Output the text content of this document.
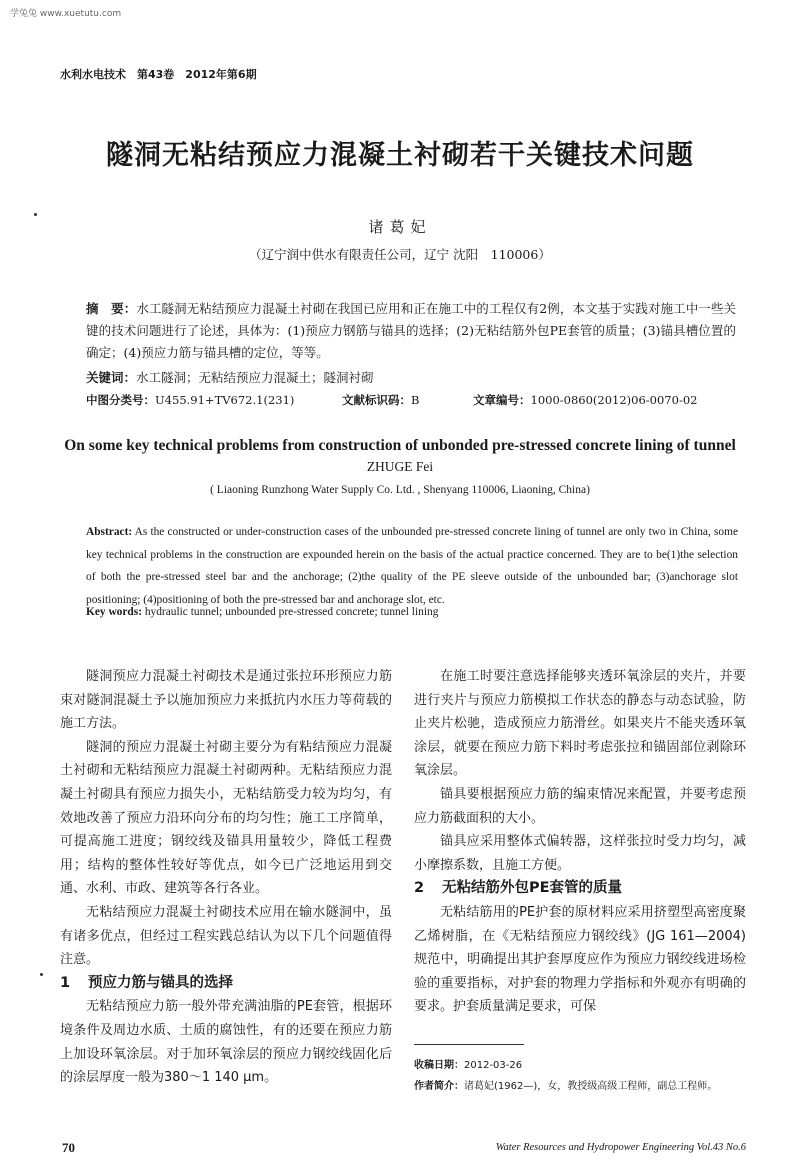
学兔兔 www.xuetutu.com
水利水电技术　第43卷　2012年第6期
隧洞无粘结预应力混凝土衬砌若干关键技术问题
诸葛妃
（辽宁润中供水有限责任公司，辽宁 沈阳　110006）
摘　要：水工隧洞无粘结预应力混凝土衬砌在我国已应用和正在施工中的工程仅有2例，本文基于实践对施工中一些关键的技术问题进行了论述，具体为：(1)预应力钢筋与锚具的选择；(2)无粘结筋外包PE套管的质量；(3)锚具槽位置的确定；(4)预应力筋与锚具槽的定位，等等。
关键词：水工隧洞；无粘结预应力混凝土；隧洞衬砌
中图分类号：U455.91+TV672.1(231)	文献标识码：B	文章编号：1000-0860(2012)06-0070-02
On some key technical problems from construction of unbonded pre-stressed concrete lining of tunnel
ZHUGE Fei
( Liaoning Runzhong Water Supply Co. Ltd. , Shenyang 110006, Liaoning, China)
Abstract: As the constructed or under-construction cases of the unbounded pre-stressed concrete lining of tunnel are only two in China, some key technical problems in the construction are expounded herein on the basis of the actual practice concerned. They are to be(1)the selection of both the pre-stressed steel bar and the anchorage; (2)the quality of the PE sleeve outside of the unbounded bar; (3)anchorage slot positioning; (4)positioning of both the pre-stressed bar and anchorage slot, etc.
Key words: hydraulic tunnel; unbounded pre-stressed concrete; tunnel lining

隧洞预应力混凝土衬砌技术是通过张拉环形预应力筋束对隧洞混凝土予以施加预应力来抵抗内水压力等荷载的施工方法。

隧洞的预应力混凝土衬砌主要分为有粘结预应力混凝土衬砌和无粘结预应力混凝土衬砌两种。无粘结预应力混凝土衬砌具有预应力损失小，无粘结筋受力较为均匀，有效地改善了预应力沿环向分布的均匀性；施工工序简单，可提高施工进度；钢绞线及锚具用量较少，降低工程费用；结构的整体性较好等优点，如今已广泛地运用到交通、水利、市政、建筑等各行各业。

无粘结预应力混凝土衬砌技术应用在输水隧洞中，虽有诸多优点，但经过工程实践总结认为以下几个问题值得注意。

1 预应力筋与锚具的选择

无粘结预应力筋一般外带充满油脂的PE套管，根据环境条件及周边水质、土质的腐蚀性，有的还要在预应力筋上加设环氧涂层。对于加环氧涂层的预应力钢绞线固化后的涂层厚度一般为380～1 140 μm。

在施工时要注意选择能够夹透环氧涂层的夹片，并要进行夹片与预应力筋模拟工作状态的静态与动态试验，防止夹片松驰，造成预应力筋滑丝。如果夹片不能夹透环氧涂层，就要在预应力筋下料时考虑张拉和锚固部位剥除环氧涂层。

锚具要根据预应力筋的编束情况来配置，并要考虑预应力筋截面积的大小。

锚具应采用整体式偏转器，这样张拉时受力均匀，减小摩擦系数，且施工方便。

2 无粘结筋外包PE套管的质量

无粘结筋用的PE护套的原材料应采用挤塑型高密度聚乙烯树脂，在《无粘结预应力钢绞线》(JG 161—2004)规范中，明确提出其护套厚度应作为预应力钢绞线进场检验的重要指标，对护套的物理力学指标和外观亦有明确的要求。护套质量满足要求，可保

收稿日期：2012-03-26
作者简介：诸葛妃(1962—)，女，教授级高级工程师，副总工程师。
70	Water Resources and Hydropower Engineering Vol.43 No.6
